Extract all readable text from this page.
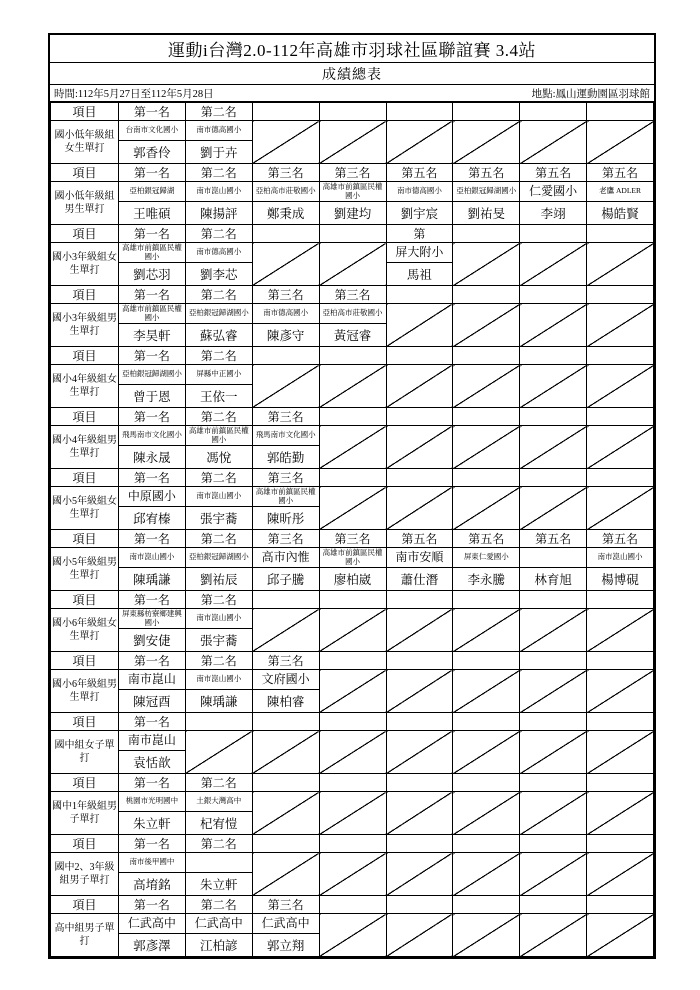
運動i台灣2.0-112年高雄市羽球社區聯誼賽 3.4站
成績總表
時間:112年5月27日至112年5月28日	地點:鳳山運動園區羽球館
項目	第一名	第二名						
國小低年級組女生單打	台南市文化國小	南市德高國小						
	郭香伶	劉于卉						
項目	第一名	第二名	第三名	第三名	第五名	第五名	第五名	第五名
國小低年級組男生單打	亞柏銀冠歸湖	南市崑山國小	亞柏高市莊敬國小	高雄市前鎮區民權國小	南市德高國小	亞柏銀冠歸湖國小	仁愛國小	老鷹 ADLER
	王唯碩	陳揚評	鄭秉成	劉建均	劉宇宸	劉祐旻	李翊	楊皓賢
項目	第一名	第二名			第			
國小3年級組女生單打	高雄市前鎮區民權國小	南市德高國小			屏大附小			
	劉芯羽	劉李芯			馬祖			
項目	第一名	第二名	第三名	第三名				
國小3年級組男生單打	高雄市前鎮區民權國小	亞柏銀冠歸湖國小	南市德高國小	亞柏高市莊敬國小				
	李昊軒	蘇弘睿	陳彥守	黃冠睿				
項目	第一名	第二名						
國小4年級組女生單打	亞柏銀冠歸湖國小	屏縣中正國小						
	曾于恩	王依一						
項目	第一名	第二名	第三名					
國小4年級組男生單打	飛馬南市文化國小	高雄市前鎮區民權國小	飛馬南市文化國小					
	陳永晟	馮悅	郭皓勤					
項目	第一名	第二名	第三名					
國小5年級組女生單打	中原國小	南市崑山國小	高雄市前鎮區民權國小					
	邱宥榛	張宇蕎	陳昕彤					
項目	第一名	第二名	第三名	第三名	第五名	第五名	第五名	第五名
國小5年級組男生單打	南市崑山國小	亞柏銀冠歸湖國小	高市內惟	高雄市前鎮區民權國小	南市安順	屏東仁愛國小		南市崑山國小
	陳瑀謙	劉祐辰	邱子騰	廖柏崴	蕭仕潛	李永騰	林育旭	楊博硯
項目	第一名	第二名						
國小6年級組女生單打	屏東縣枋寮鄉建興國小	南市崑山國小						
	劉安倢	張宇蕎						
項目	第一名	第二名	第三名					
國小6年級組男生單打	南市崑山	南市崑山國小	文府國小					
	陳冠酉	陳瑀謙	陳柏睿					
項目	第一名							
國中組女子單打	南市崑山							
	袁恬歆							
項目	第一名	第二名						
國中1年級組男子單打	桃園市光明國中	土銀大灣高中						
	朱立軒	杞宥愷						
項目	第一名	第二名						
國中2、3年級組男子單打	南市後甲國中							
	高堉銘	朱立軒						
項目	第一名	第二名	第三名					
高中組男子單打	仁武高中	仁武高中	仁武高中					
	郭彥澤	江柏諺	郭立翔					
